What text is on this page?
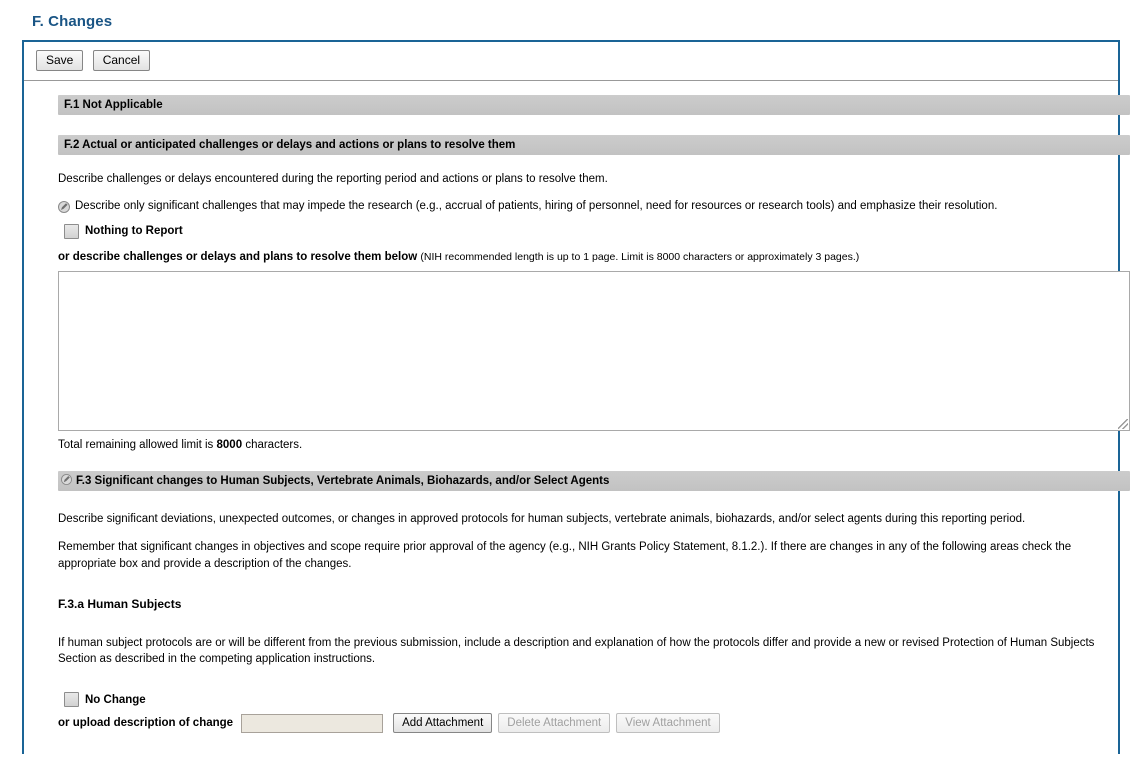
F. Changes
Save Cancel
F.1 Not Applicable
F.2 Actual or anticipated challenges or delays and actions or plans to resolve them
Describe challenges or delays encountered during the reporting period and actions or plans to resolve them.
Describe only significant challenges that may impede the research (e.g., accrual of patients, hiring of personnel, need for resources or research tools) and emphasize their resolution.
Nothing to Report
or describe challenges or delays and plans to resolve them below (NIH recommended length is up to 1 page. Limit is 8000 characters or approximately 3 pages.)
Total remaining allowed limit is 8000 characters.
F.3 Significant changes to Human Subjects, Vertebrate Animals, Biohazards, and/or Select Agents
Describe significant deviations, unexpected outcomes, or changes in approved protocols for human subjects, vertebrate animals, biohazards, and/or select agents during this reporting period.
Remember that significant changes in objectives and scope require prior approval of the agency (e.g., NIH Grants Policy Statement, 8.1.2.). If there are changes in any of the following areas check the appropriate box and provide a description of the changes.
F.3.a Human Subjects
If human subject protocols are or will be different from the previous submission, include a description and explanation of how the protocols differ and provide a new or revised Protection of Human Subjects Section as described in the competing application instructions.
No Change
or upload description of change	Add Attachment	Delete Attachment	View Attachment
